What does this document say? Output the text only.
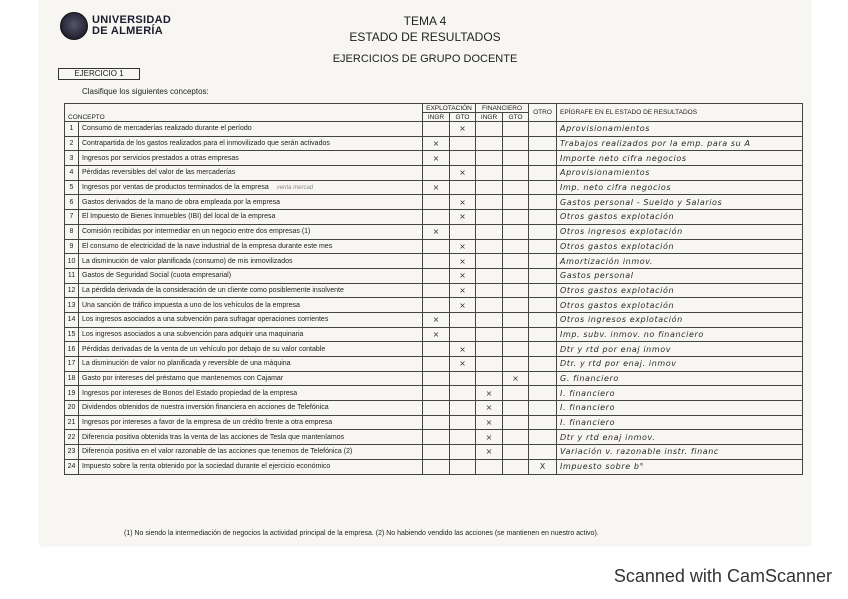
UNIVERSIDAD
DE ALMERÍA
TEMA 4
ESTADO DE RESULTADOS
EJERCICIOS DE GRUPO DOCENTE
EJERCICIO 1
Clasifique los siguientes conceptos:
CONCEPTO		EXPLOTACIÓN		FINANCIERO		OTRO	EPÍGRAFE EN EL ESTADO DE RESULTADOS
		INGR	GTO	INGR	GTO		
1	Consumo de mercaderías realizado durante el período		×				Aprovisionamientos
2	Contrapartida de los gastos realizados para el inmovilizado que serán activados	×					Trabajos realizados por la emp. para su A
3	Ingresos por servicios prestados a otras empresas	×					Importe neto cifra negocios
4	Pérdidas reversibles del valor de las mercaderías		×				Aprovisionamientos
5	Ingresos por ventas de productos terminados de la empresa venta mercad	×					Imp. neto cifra negocios
6	Gastos derivados de la mano de obra empleada por la empresa		×				Gastos personal - Sueldo y Salarios
7	El Impuesto de Bienes Inmuebles (IBI) del local de la empresa		×				Otros gastos explotación
8	Comisión recibidas por intermediar en un negocio entre dos empresas (1)	×					Otros ingresos explotación
9	El consumo de electricidad de la nave industrial de la empresa durante este mes		×				Otros gastos explotación
10	La disminución de valor planificada (consumo) de mis inmovilizados		×				Amortización inmov.
11	Gastos de Seguridad Social (cuota empresarial)		×				Gastos personal
12	La pérdida derivada de la consideración de un cliente como posiblemente insolvente		×				Otros gastos explotación
13	Una sanción de tráfico impuesta a uno de los vehículos de la empresa		×				Otros gastos explotación
14	Los ingresos asociados a una subvención para sufragar operaciones corrientes	×					Otros ingresos explotación
15	Los ingresos asociados a una subvención para adquirir una maquinaria	×					Imp. subv. inmov. no financiero
16	Pérdidas derivadas de la venta de un vehículo por debajo de su valor contable		×				Dtr y rtd por enaj inmov
17	La disminución de valor no planificada y reversible de una máquina		×				Dtr. y rtd por enaj. inmov
18	Gasto por intereses del préstamo que mantenemos con Cajamar				×		G. financiero
19	Ingresos por intereses de Bonos del Estado propiedad de la empresa			×			I. financiero
20	Dividendos obtenidos de nuestra inversión financiera en acciones de Telefónica			×			I. financiero
21	Ingresos por intereses a favor de la empresa de un crédito frente a otra empresa			×			I. financiero
22	Diferencia positiva obtenida tras la venta de las acciones de Tesla que manteníamos			×			Dtr y rtd enaj inmov.
23	Diferencia positiva en el valor razonable de las acciones que tenemos de Telefónica (2)			×			Variación v. razonable instr. financ
24	Impuesto sobre la renta obtenido por la sociedad durante el ejercicio económico					X	Impuesto sobre b°
(1) No siendo la intermediación de negocios la actividad principal de la empresa. (2) No habiendo vendido las acciones (se mantienen en nuestro activo).
Scanned with CamScanner
